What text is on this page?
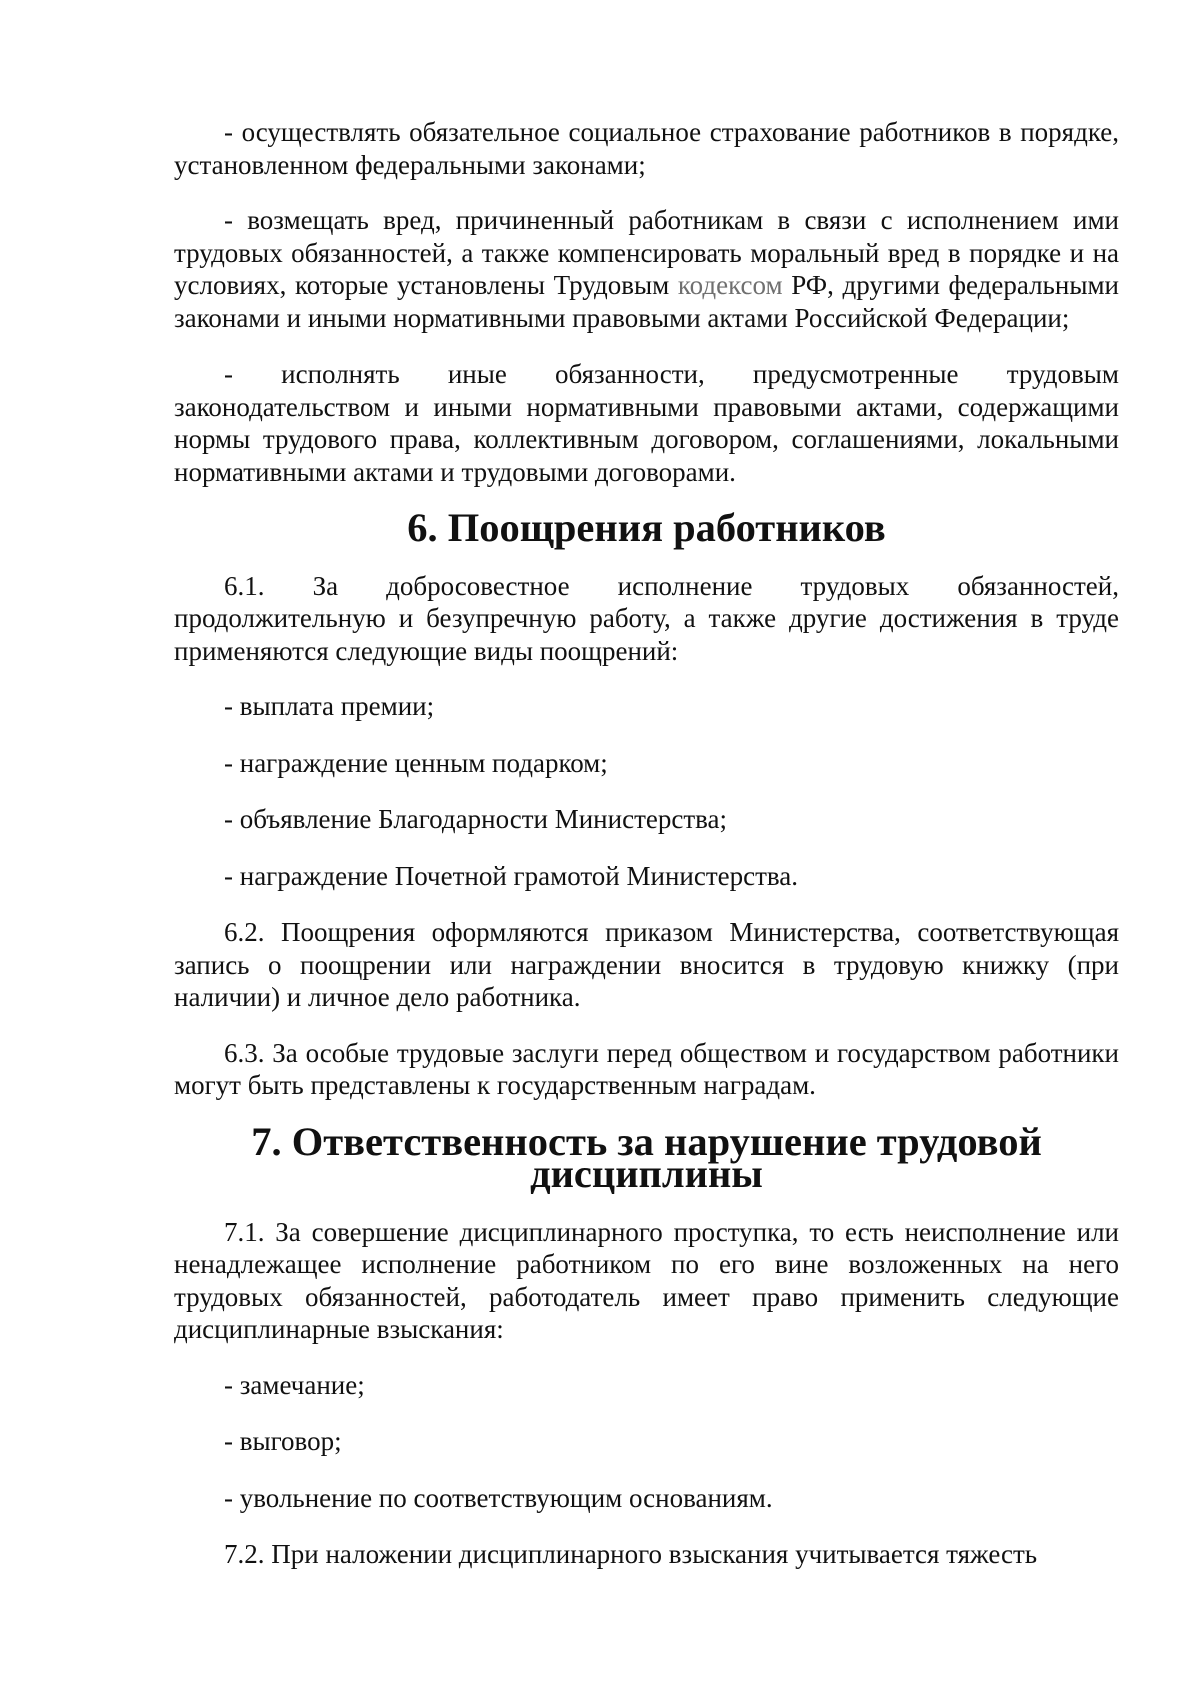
- осуществлять обязательное социальное страхование работников в порядке, установленном федеральными законами;

- возмещать вред, причиненный работникам в связи с исполнением ими трудовых обязанностей, а также компенсировать моральный вред в порядке и на условиях, которые установлены Трудовым кодексом РФ, другими федеральными законами и иными нормативными правовыми актами Российской Федерации;

- исполнять иные обязанности, предусмотренные трудовым законодательством и иными нормативными правовыми актами, содержащими нормы трудового права, коллективным договором, соглашениями, локальными нормативными актами и трудовыми договорами.

6. Поощрения работников

6.1. За добросовестное исполнение трудовых обязанностей, продолжительную и безупречную работу, а также другие достижения в труде применяются следующие виды поощрений:

- выплата премии;

- награждение ценным подарком;

- объявление Благодарности Министерства;

- награждение Почетной грамотой Министерства.

6.2. Поощрения оформляются приказом Министерства, соответствующая запись о поощрении или награждении вносится в трудовую книжку (при наличии) и личное дело работника.

6.3. За особые трудовые заслуги перед обществом и государством работники могут быть представлены к государственным наградам.

7. Ответственность за нарушение трудовой дисциплины

7.1. За совершение дисциплинарного проступка, то есть неисполнение или ненадлежащее исполнение работником по его вине возложенных на него трудовых обязанностей, работодатель имеет право применить следующие дисциплинарные взыскания:

- замечание;

- выговор;

- увольнение по соответствующим основаниям.

7.2. При наложении дисциплинарного взыскания учитывается тяжесть
